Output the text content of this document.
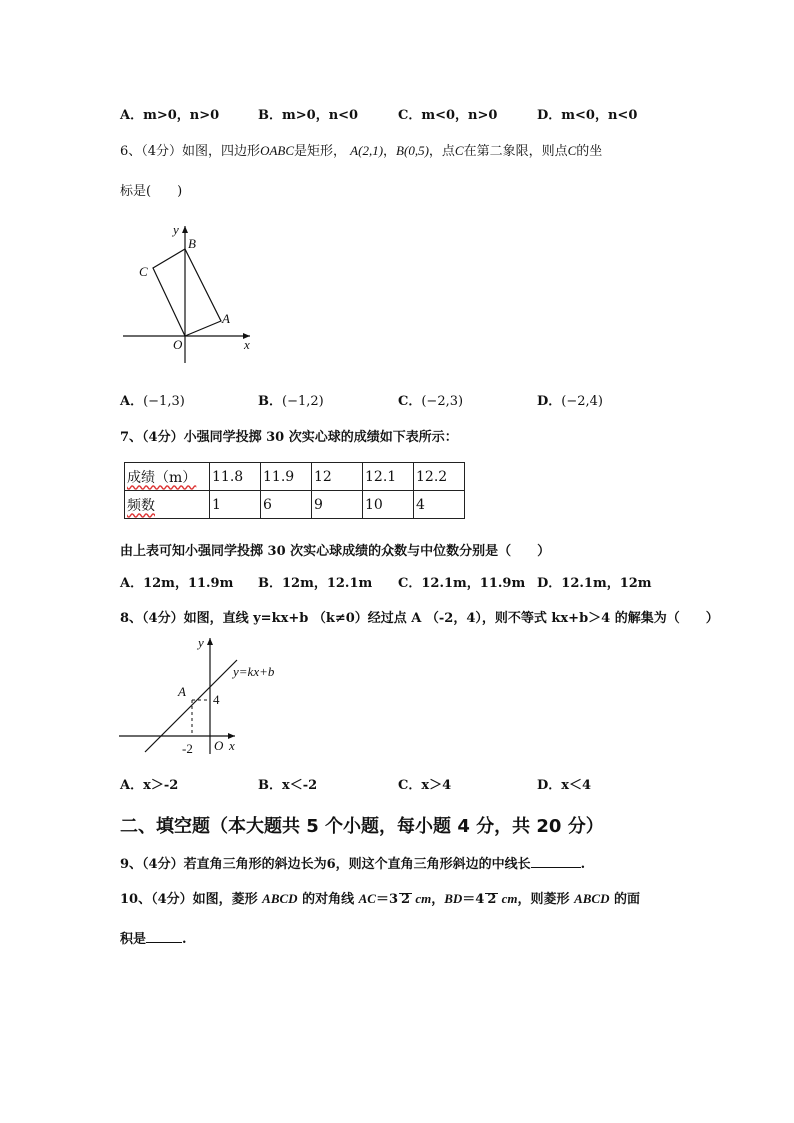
A．m>0，n>0	B．m>0，n<0	C．m<0，n>0	D．m<0，n<0
6、（4分）如图，四边形OABC是矩形， A(2,1)，B(0,5)，点C在第二象限，则点C的坐
标是(　　)
y
B
C
A
O	x
A．(−1,3)	B．(−1,2)	C．(−2,3)	D．(−2,4)
7、（4分）小强同学投掷 30 次实心球的成绩如下表所示：
成绩（m）	11.8	11.9	12	12.1	12.2
频数	1	6	9	10	4
由上表可知小强同学投掷 30 次实心球成绩的众数与中位数分别是（　　）
A．12m，11.9m B．12m，12.1m C．12.1m，11.9m D．12.1m，12m
8、（4分）如图，直线 y=kx+b （k≠0）经过点 A （-2，4），则不等式 kx+b＞4 的解集为（　　）
y
y=kx+b
A
4
-2 O x
A．x＞-2	B．x＜-2	C．x＞4	D．x＜4
二、填空题（本大题共 5 个小题，每小题 4 分，共 20 分）
9、（4分）若直角三角形的斜边长为6，则这个直角三角形斜边的中线长	.
10、（4分）如图，菱形 ABCD 的对角线 AC＝3 2 cm，BD＝4 2 cm，则菱形 ABCD 的面
积是	.
